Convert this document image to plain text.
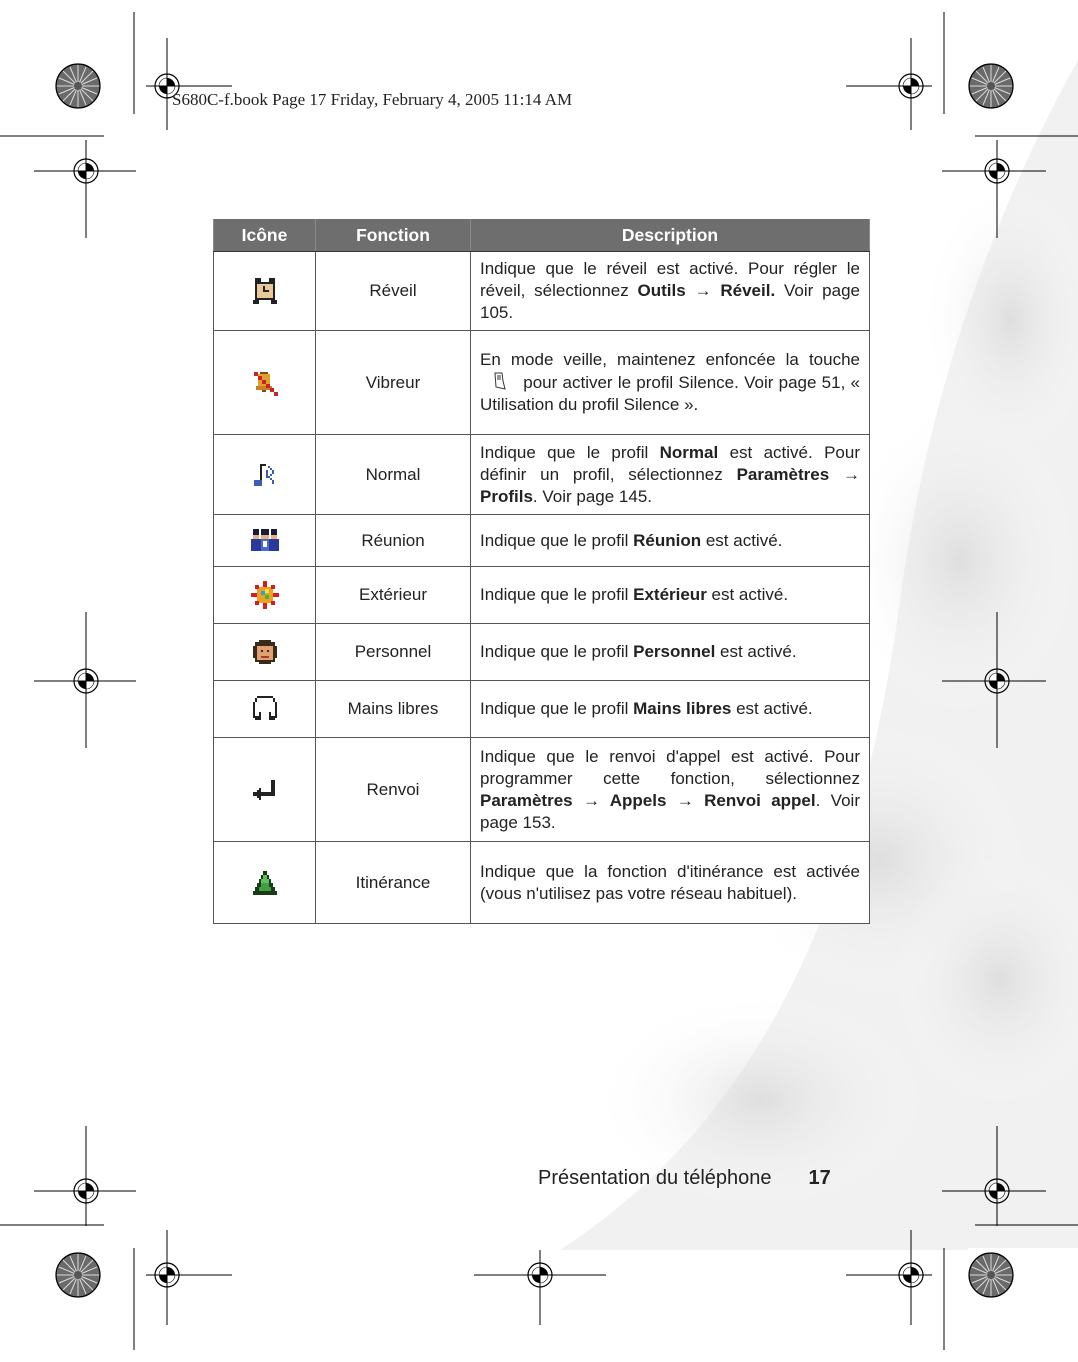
S680C-f.book Page 17 Friday, February 4, 2005 11:14 AM
Icône	Fonction	Description

	Réveil	Indique que le réveil est activé. Pour régler le réveil, sélectionnez Outils → Réveil. Voir page 105.

	Vibreur	En mode veille, maintenez enfoncée la touche  pour activer le profil Silence. Voir page 51, « Utilisation du profil Silence ».

	Normal	Indique que le profil Normal est activé. Pour définir un profil, sélectionnez Paramètres → Profils. Voir page 145.

	Réunion	Indique que le profil Réunion est activé.

	Extérieur	Indique que le profil Extérieur est activé.

	Personnel	Indique que le profil Personnel est activé.

	Mains libres	Indique que le profil Mains libres est activé.

	Renvoi	Indique que le renvoi d'appel est activé. Pour programmer cette fonction, sélectionnez Paramètres → Appels → Renvoi appel. Voir page 153.

	Itinérance	Indique que la fonction d'itinérance est activée (vous n'utilisez pas votre réseau habituel).
Présentation du téléphone 17
